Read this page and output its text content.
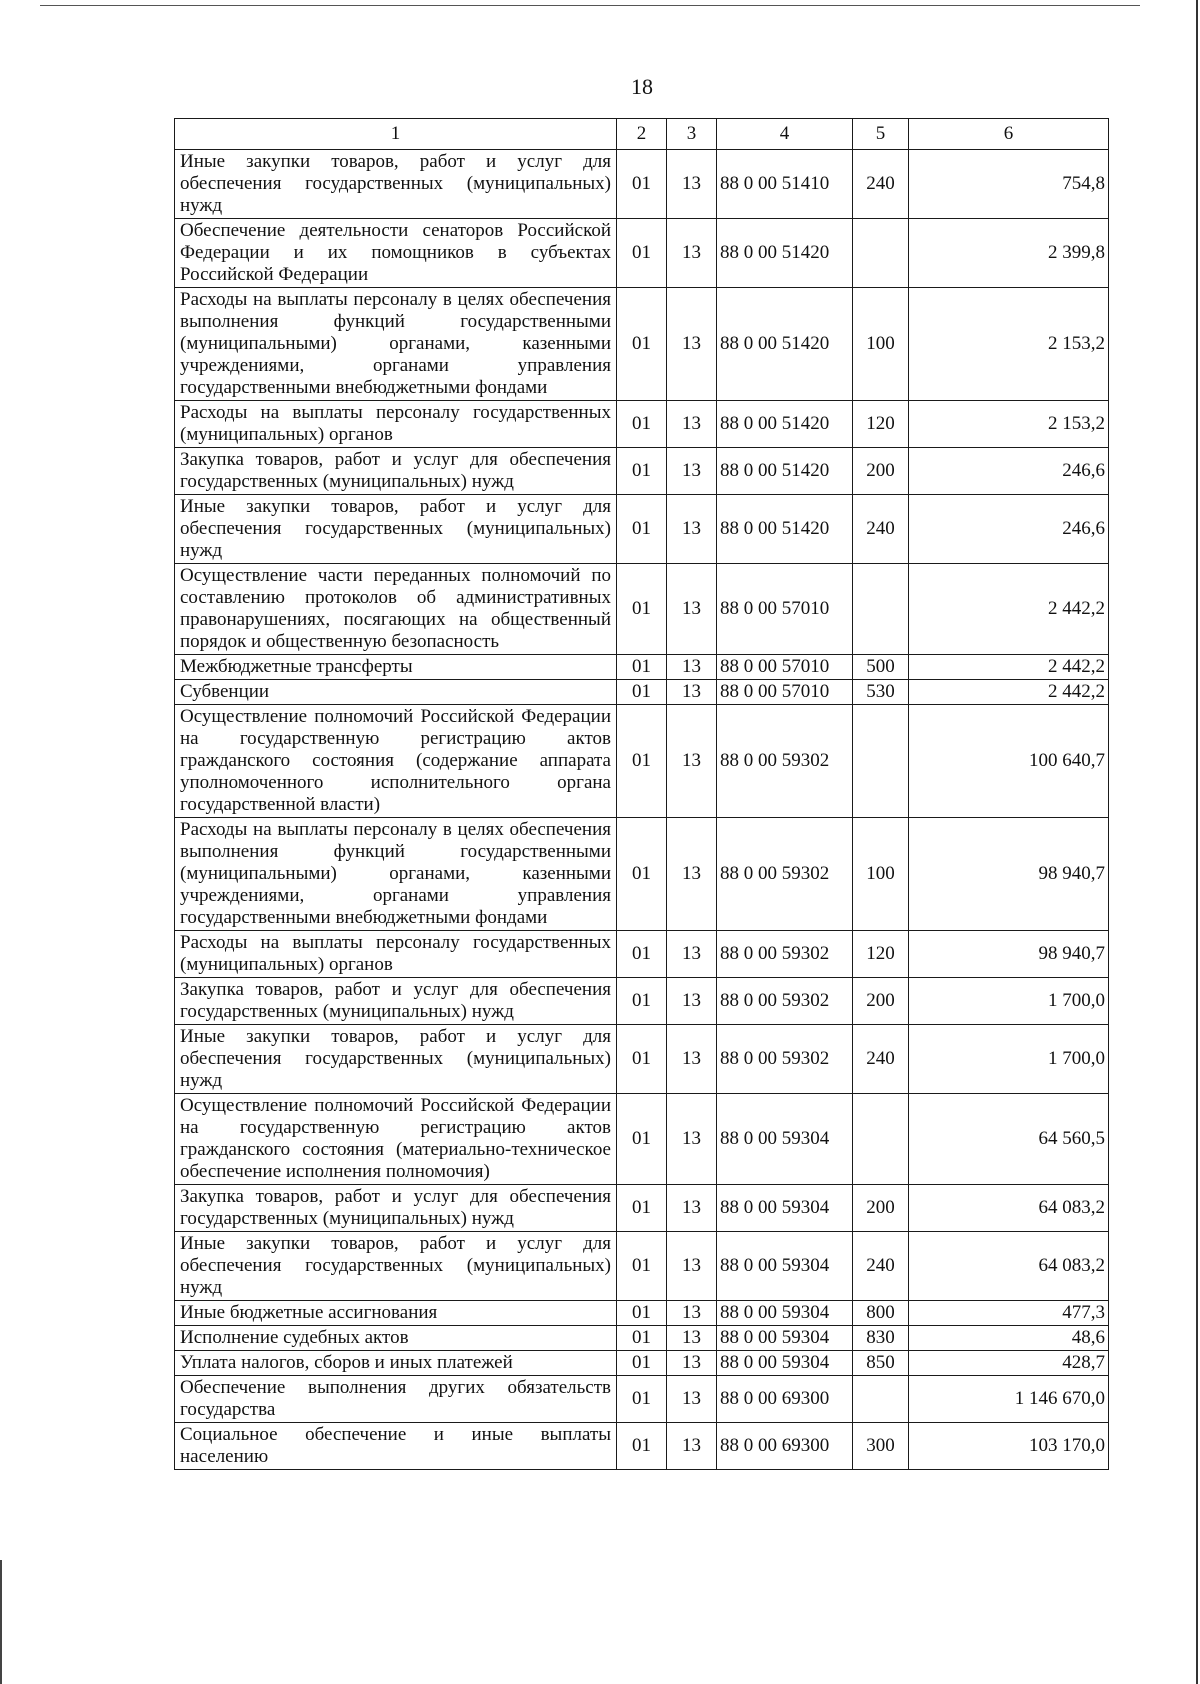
18
1	2	3	4	5	6
Иные закупки товаров, работ и услуг для обеспечения государственных (муниципальных) нужд	01	13	88 0 00 51410	240	754,8
Обеспечение деятельности сенаторов Российской Федерации и их помощников в субъектах Российской Федерации	01	13	88 0 00 51420		2 399,8
Расходы на выплаты персоналу в целях обеспечения выполнения функций государственными (муниципальными) органами, казенными учреждениями, органами управления государственными внебюджетными фондами	01	13	88 0 00 51420	100	2 153,2
Расходы на выплаты персоналу государственных (муниципальных) органов	01	13	88 0 00 51420	120	2 153,2
Закупка товаров, работ и услуг для обеспечения государственных (муниципальных) нужд	01	13	88 0 00 51420	200	246,6
Иные закупки товаров, работ и услуг для обеспечения государственных (муниципальных) нужд	01	13	88 0 00 51420	240	246,6
Осуществление части переданных полномочий по составлению протоколов об административных правонарушениях, посягающих на общественный порядок и общественную безопасность	01	13	88 0 00 57010		2 442,2
Межбюджетные трансферты	01	13	88 0 00 57010	500	2 442,2
Субвенции	01	13	88 0 00 57010	530	2 442,2
Осуществление полномочий Российской Федерации на государственную регистрацию актов гражданского состояния (содержание аппарата уполномоченного исполнительного органа государственной власти)	01	13	88 0 00 59302		100 640,7
Расходы на выплаты персоналу в целях обеспечения выполнения функций государственными (муниципальными) органами, казенными учреждениями, органами управления государственными внебюджетными фондами	01	13	88 0 00 59302	100	98 940,7
Расходы на выплаты персоналу государственных (муниципальных) органов	01	13	88 0 00 59302	120	98 940,7
Закупка товаров, работ и услуг для обеспечения государственных (муниципальных) нужд	01	13	88 0 00 59302	200	1 700,0
Иные закупки товаров, работ и услуг для обеспечения государственных (муниципальных) нужд	01	13	88 0 00 59302	240	1 700,0
Осуществление полномочий Российской Федерации на государственную регистрацию актов гражданского состояния (материально-техническое обеспечение исполнения полномочия)	01	13	88 0 00 59304		64 560,5
Закупка товаров, работ и услуг для обеспечения государственных (муниципальных) нужд	01	13	88 0 00 59304	200	64 083,2
Иные закупки товаров, работ и услуг для обеспечения государственных (муниципальных) нужд	01	13	88 0 00 59304	240	64 083,2
Иные бюджетные ассигнования	01	13	88 0 00 59304	800	477,3
Исполнение судебных актов	01	13	88 0 00 59304	830	48,6
Уплата налогов, сборов и иных платежей	01	13	88 0 00 59304	850	428,7
Обеспечение выполнения других обязательств государства	01	13	88 0 00 69300		1 146 670,0
Социальное обеспечение и иные выплаты населению	01	13	88 0 00 69300	300	103 170,0
